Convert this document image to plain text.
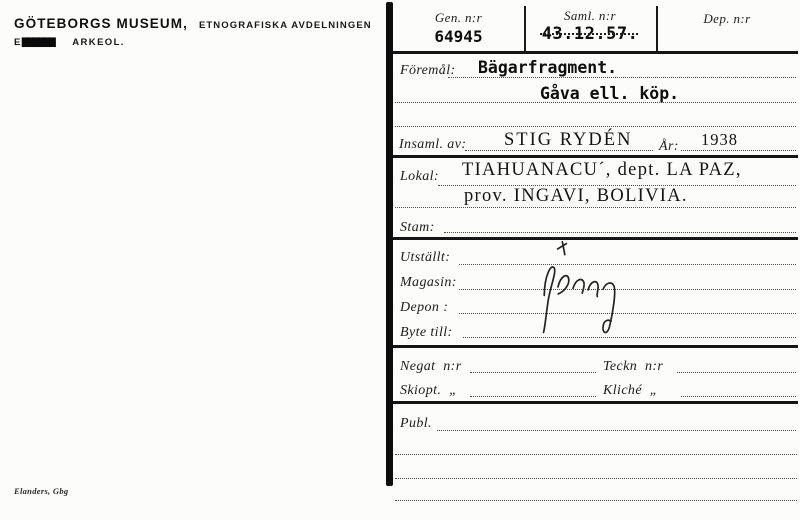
GÖTEBORGS MUSEUM, ETNOGRAFISKA AVDELNINGEN
E██████ ARKEOL.
Gen. n:r
64945
Saml. n:r
43.12.57.
Dep. n:r
Föremål: Bägarfragment.
Gåva ell. köp.
Insaml. av: STIG RYDÉN År: 1938
Lokal: TIAHUANACU´, dept. LA PAZ,
prov. INGAVI, BOLIVIA.
Stam:
Utställt:
Magasin:
Depon :
Byte till:
Negat  n:r	Teckn  n:r
Skiopt.  „	Kliché  „
Publ.
Elanders, Gbg
